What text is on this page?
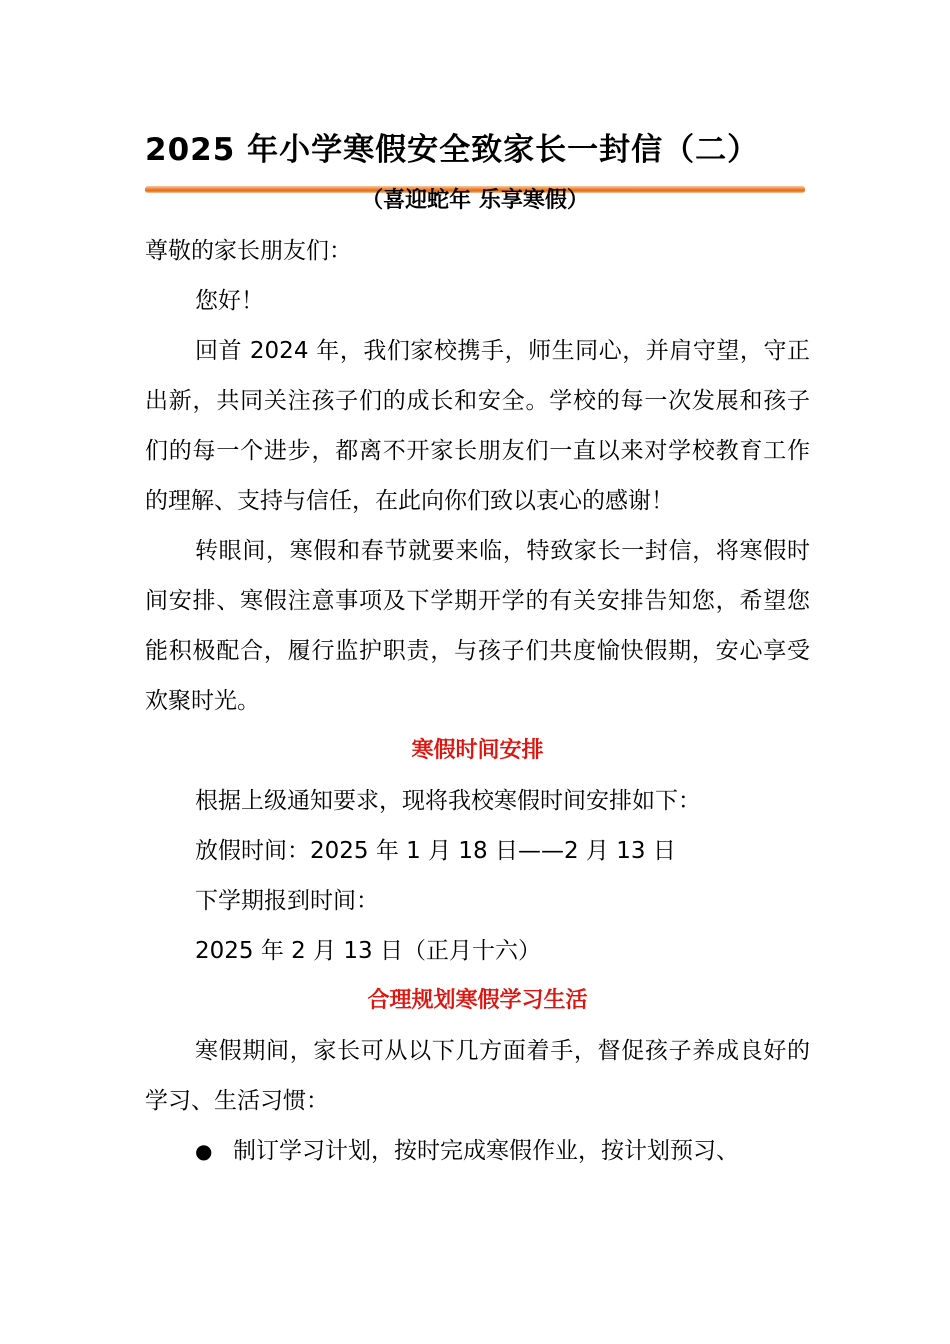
2025 年小学寒假安全致家长一封信（二）
（喜迎蛇年 乐享寒假）

尊敬的家长朋友们：

您好！

回首 2024 年，我们家校携手，师生同心，并肩守望，守正出新，共同关注孩子们的成长和安全。学校的每一次发展和孩子们的每一个进步，都离不开家长朋友们一直以来对学校教育工作的理解、支持与信任，在此向你们致以衷心的感谢！

转眼间，寒假和春节就要来临，特致家长一封信，将寒假时间安排、寒假注意事项及下学期开学的有关安排告知您，希望您能积极配合，履行监护职责，与孩子们共度愉快假期，安心享受欢聚时光。

寒假时间安排

根据上级通知要求，现将我校寒假时间安排如下：

放假时间：2025 年 1 月 18 日——2 月 13 日

下学期报到时间：

2025 年 2 月 13 日（正月十六）

合理规划寒假学习生活

寒假期间，家长可从以下几方面着手，督促孩子养成良好的学习、生活习惯：

● 制订学习计划，按时完成寒假作业，按计划预习、
